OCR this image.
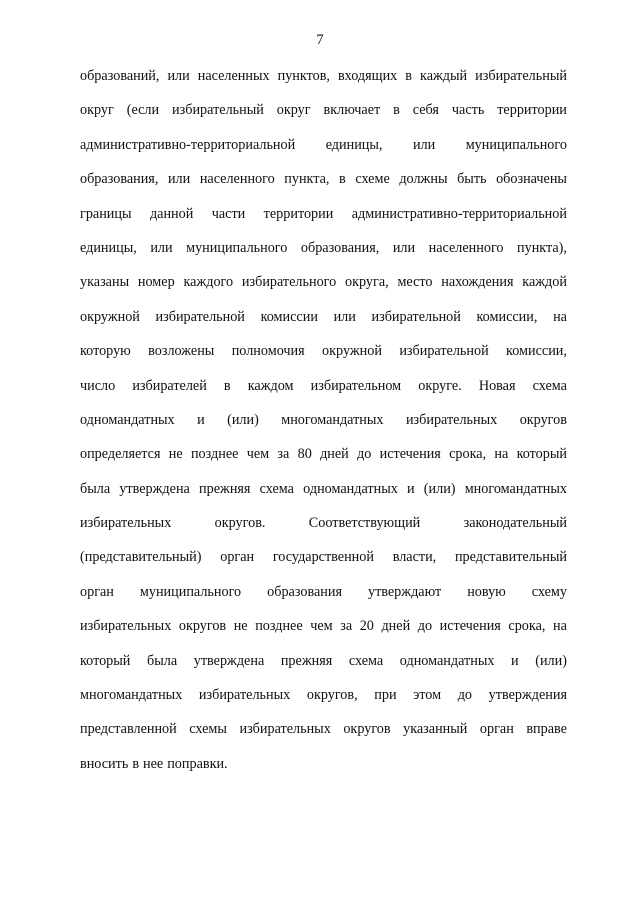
7
образований, или населенных пунктов, входящих в каждый избирательный
округ (если избирательный округ включает в себя часть территории
административно-территориальной единицы, или муниципального
образования, или населенного пункта, в схеме должны быть обозначены
границы данной части территории административно-территориальной
единицы, или муниципального образования, или населенного пункта),
указаны номер каждого избирательного округа, место нахождения каждой
окружной избирательной комиссии или избирательной комиссии, на
которую возложены полномочия окружной избирательной комиссии,
число избирателей в каждом избирательном округе. Новая схема
одномандатных и (или) многомандатных избирательных округов
определяется не позднее чем за 80 дней до истечения срока, на который
была утверждена прежняя схема одномандатных и (или) многомандатных
избирательных	округов.	Соответствующий	законодательный
(представительный) орган государственной власти, представительный
орган муниципального образования утверждают новую схему
избирательных округов не позднее чем за 20 дней до истечения срока, на
который была утверждена прежняя схема одномандатных и (или)
многомандатных избирательных округов, при этом до утверждения
представленной схемы избирательных округов указанный орган вправе
вносить в нее поправки.
